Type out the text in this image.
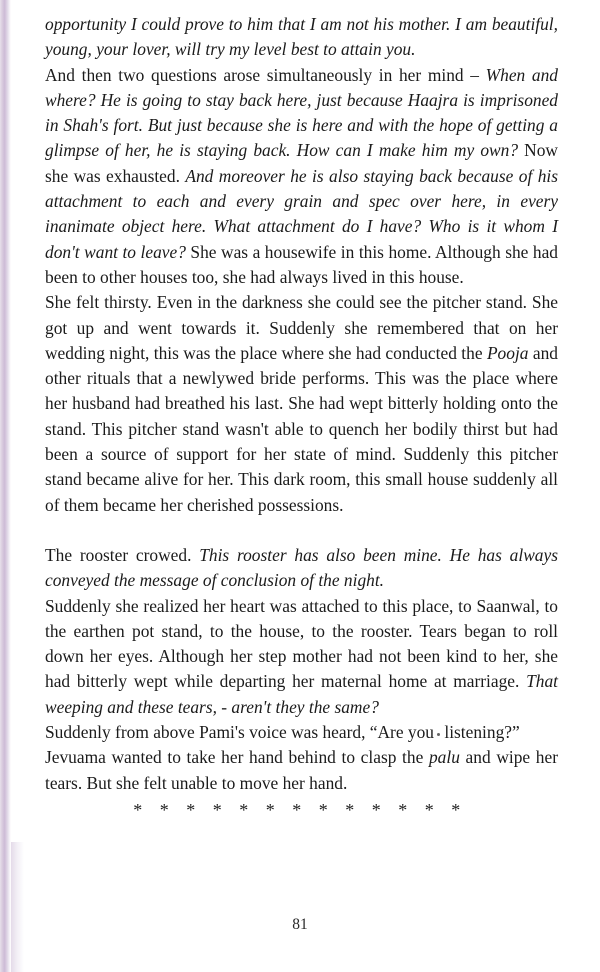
opportunity I could prove to him that I am not his mother. I am beautiful, young, your lover, will try my level best to attain you.

And then two questions arose simultaneously in her mind – When and where? He is going to stay back here, just because Haajra is imprisoned in Shah's fort. But just because she is here and with the hope of getting a glimpse of her, he is staying back. How can I make him my own? Now she was exhausted. And moreover he is also staying back because of his attachment to each and every grain and spec over here, in every inanimate object here. What attachment do I have? Who is it whom I don't want to leave? She was a housewife in this home. Although she had been to other houses too, she had always lived in this house.

She felt thirsty. Even in the darkness she could see the pitcher stand. She got up and went towards it. Suddenly she remembered that on her wedding night, this was the place where she had conducted the Pooja and other rituals that a newlywed bride performs. This was the place where her husband had breathed his last. She had wept bitterly holding onto the stand. This pitcher stand wasn't able to quench her bodily thirst but had been a source of support for her state of mind. Suddenly this pitcher stand became alive for her. This dark room, this small house suddenly all of them became her cherished possessions.

The rooster crowed. This rooster has also been mine. He has always conveyed the message of conclusion of the night.

Suddenly she realized her heart was attached to this place, to Saanwal, to the earthen pot stand, to the house, to the rooster. Tears began to roll down her eyes. Although her step mother had not been kind to her, she had bitterly wept while departing her maternal home at marriage. That weeping and these tears, - aren't they the same?

Suddenly from above Pami's voice was heard, “Are you listening?”

Jevuama wanted to take her hand behind to clasp the palu and wipe her tears. But she felt unable to move her hand.

* * * * * * * * * * * * *
81
